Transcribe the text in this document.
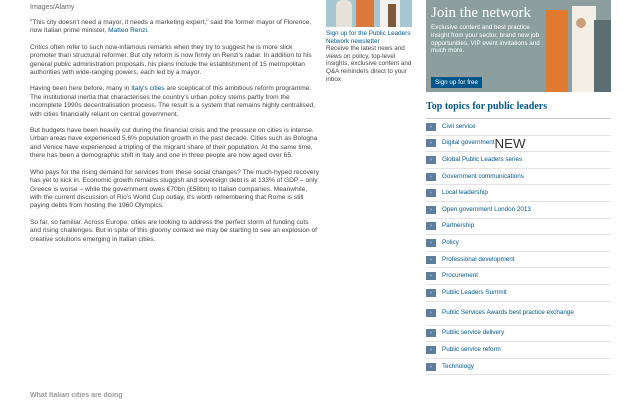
Images/Alamy

"This city doesn't need a mayor, it needs a marketing expert," said the former mayor of Florence, now Italian prime minister, Matteo Renzi.

Critics often refer to such now-infamous remarks when they try to suggest he is more slick promoter than structural reformer. But city reform is now firmly on Renzi's radar. In addition to his general public administration proposals, his plans include the establishment of 15 metropolitan authorities with wide-ranging powers, each led by a mayor.

Having been here before, many in Italy's cities are sceptical of this ambitious reform programme. The institutional inertia that characterises the country's urban policy stems partly from the incomplete 1990s decentralisation process. The result is a system that remains highly centralised, with cities financially reliant on central government.

But budgets have been heavily cut during the financial crisis and the pressure on cities is intense. Urban areas have experienced 5.6% population growth in the past decade. Cities such as Bologna and Venice have experienced a tripling of the migrant share of their population. At the same time, there has been a demographic shift in Italy and one in three people are now aged over 65.

Who pays for the rising demand for services from these social changes? The much-hyped recovery has yet to kick in. Economic growth remains sluggish and sovereign debt is at 133% of GDP – only Greece is worse – while the government owes €70bn (£58bn) to Italian companies. Meanwhile, with the current discussion of Rio's World Cup outlay, it's worth remembering that Rome is still paying debts from hosting the 1960 Olympics.

So far, so familiar. Across Europe, cities are looking to address the perfect storm of funding cuts and rising challenges. But in spite of this gloomy context we may be starting to see an explosion of creative solutions emerging in Italian cities.

What Italian cities are doing
Sign up for the Public Leaders Network newsletter
Receive the latest news and views on policy, top-level insights, exclusive content and Q&A reminders direct to your inbox
Join the network
Exclusive content and best practice insight from your sector, brand new job opportunities, VIP event invitations and much more.
Sign up for free
Top topics for public leaders
›	Civil service
›	Digital government NEW
›	Global Public Leaders series
›	Government communications
›	Local leadership
›	Open government London 2013
›	Partnership
›	Policy
›	Professional development
›	Procurement
›	Public Leaders Summit
›	Public Services Awards best practice exchange
›	Public service delivery
›	Public service reform
›	Technology
